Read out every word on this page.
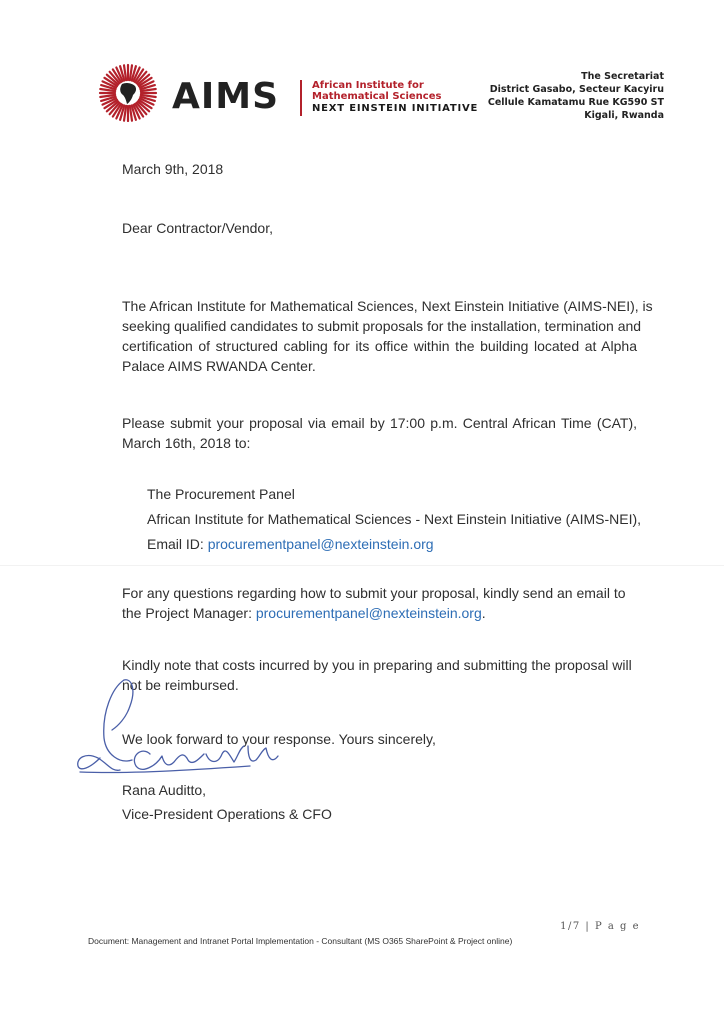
AIMS	African Institute for
Mathematical Sciences
NEXT EINSTEIN INITIATIVE
The Secretariat
District Gasabo, Secteur Kacyiru
Cellule Kamatamu Rue KG590 ST
Kigali, Rwanda
March 9th, 2018
Dear Contractor/Vendor,
The African Institute for Mathematical Sciences, Next Einstein Initiative (AIMS-NEI), is
seeking qualified candidates to submit proposals for the installation, termination and
certification of structured cabling for its office within the building located at Alpha
Palace AIMS RWANDA Center.
Please submit your proposal via email by 17:00 p.m. Central African Time (CAT),
March 16th, 2018 to:
The Procurement Panel
African Institute for Mathematical Sciences - Next Einstein Initiative (AIMS-NEI),
Email ID: procurementpanel@nexteinstein.org
For any questions regarding how to submit your proposal, kindly send an email to
the Project Manager: procurementpanel@nexteinstein.org.
Kindly note that costs incurred by you in preparing and submitting the proposal will
not be reimbursed.
We look forward to your response. Yours sincerely,
Rana Auditto,
Vice-President Operations & CFO
1/7 | P a g e
Document: Management and Intranet Portal Implementation - Consultant (MS O365 SharePoint & Project online)
